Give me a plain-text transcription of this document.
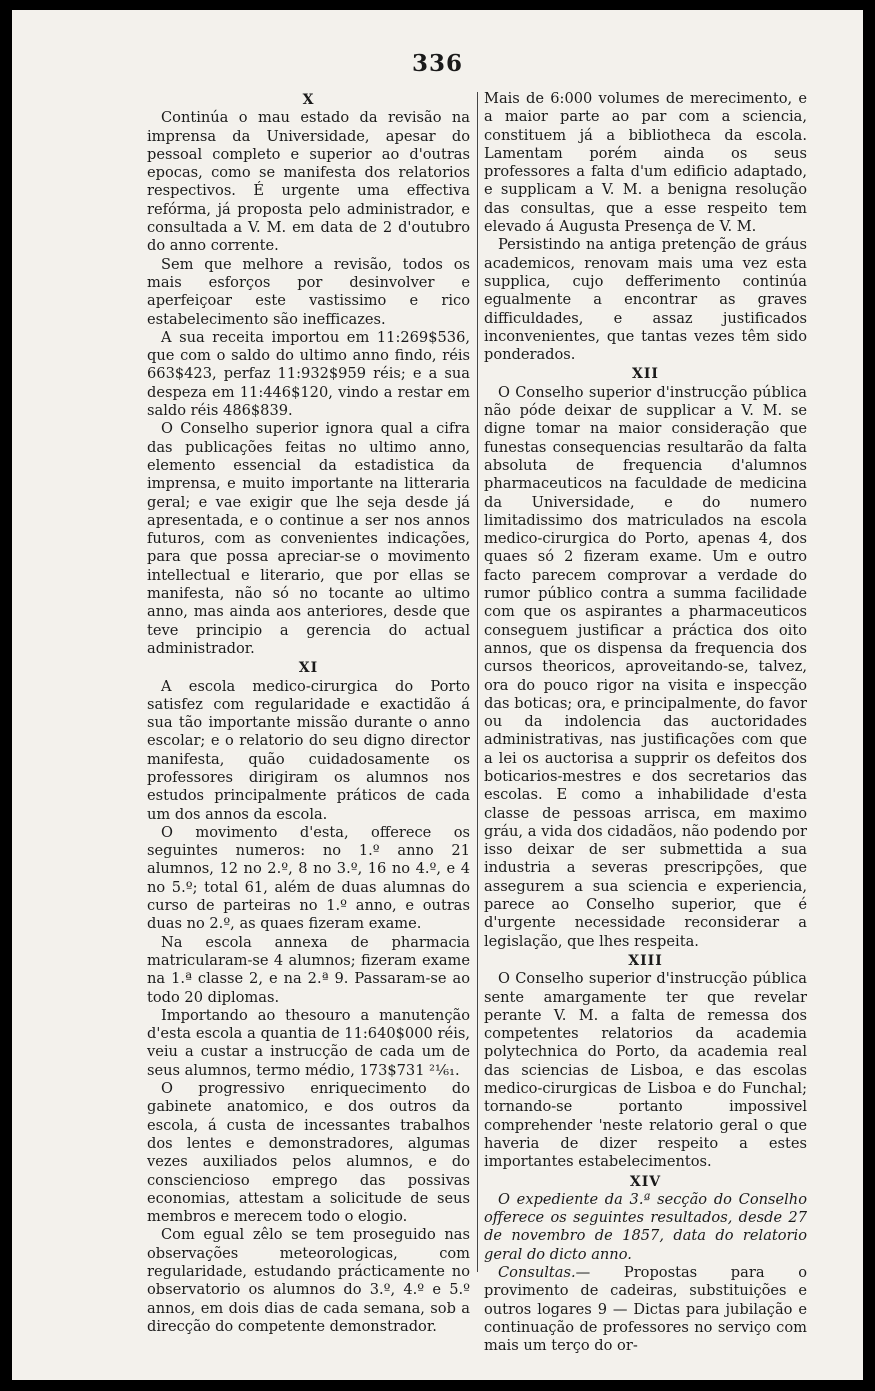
336
X

Continúa o mau estado da revisão na imprensa da Universidade, apesar do pessoal completo e superior ao d'outras epocas, como se manifesta dos relatorios respectivos. É urgente uma effectiva refórma, já proposta pelo administrador, e consultada a V. M. em data de 2 d'outubro do anno corrente.

Sem que melhore a revisão, todos os mais esforços por desinvolver e aperfeiçoar este vastissimo e rico estabelecimento são inefficazes.

A sua receita importou em 11:269$536, que com o saldo do ultimo anno findo, réis 663$423, perfaz 11:932$959 réis; e a sua despeza em 11:446$120, vindo a restar em saldo réis 486$839.

O Conselho superior ignora qual a cifra das publicações feitas no ultimo anno, elemento essencial da estadistica da imprensa, e muito importante na litteraria geral; e vae exigir que lhe seja desde já apresentada, e o continue a ser nos annos futuros, com as convenientes indicações, para que possa apreciar-se o movimento intellectual e literario, que por ellas se manifesta, não só no tocante ao ultimo anno, mas ainda aos anteriores, desde que teve principio a gerencia do actual administrador.

XI

A escola medico-cirurgica do Porto satisfez com regularidade e exactidão á sua tão importante missão durante o anno escolar; e o relatorio do seu digno director manifesta, quão cuidadosamente os professores dirigiram os alumnos nos estudos principalmente práticos de cada um dos annos da escola.

O movimento d'esta, offerece os seguintes numeros: no 1.º anno 21 alumnos, 12 no 2.º, 8 no 3.º, 16 no 4.º, e 4 no 5.º; total 61, além de duas alumnas do curso de parteiras no 1.º anno, e outras duas no 2.º, as quaes fizeram exame.

Na escola annexa de pharmacia matricularam-se 4 alumnos; fizeram exame na 1.ª classe 2, e na 2.ª 9. Passaram-se ao todo 20 diplomas.

Importando ao thesouro a manutenção d'esta escola a quantia de 11:640$000 réis, veiu a custar a instrucção de cada um de seus alumnos, termo médio, 173$731 ²¹⁄₆₁.

O progressivo enriquecimento do gabinete anatomico, e dos outros da escola, á custa de incessantes trabalhos dos lentes e demonstradores, algumas vezes auxiliados pelos alumnos, e do consciencioso emprego das possivas economias, attestam a solicitude de seus membros e merecem todo o elogio.

Com egual zêlo se tem proseguido nas observações meteorologicas, com regularidade, estudando prácticamente no observatorio os alumnos do 3.º, 4.º e 5.º annos, em dois dias de cada semana, sob a direcção do competente demonstrador.

Mais de 6:000 volumes de merecimento, e a maior parte ao par com a sciencia, constituem já a bibliotheca da escola. Lamentam porém ainda os seus professores a falta d'um edificio adaptado, e supplicam a V. M. a benigna resolução das consultas, que a esse respeito tem elevado á Augusta Presença de V. M.

Persistindo na antiga pretenção de gráus academicos, renovam mais uma vez esta supplica, cujo defferimento continúa egualmente a encontrar as graves difficuldades, e assaz justificados inconvenientes, que tantas vezes têm sido ponderados.

XII

O Conselho superior d'instrucção pública não póde deixar de supplicar a V. M. se digne tomar na maior consideração que funestas consequencias resultarão da falta absoluta de frequencia d'alumnos pharmaceuticos na faculdade de medicina da Universidade, e do numero limitadissimo dos matriculados na escola medico-cirurgica do Porto, apenas 4, dos quaes só 2 fizeram exame. Um e outro facto parecem comprovar a verdade do rumor público contra a summa facilidade com que os aspirantes a pharmaceuticos conseguem justificar a práctica dos oito annos, que os dispensa da frequencia dos cursos theoricos, aproveitando-se, talvez, ora do pouco rigor na visita e inspecção das boticas; ora, e principalmente, do favor ou da indolencia das auctoridades administrativas, nas justificações com que a lei os auctorisa a supprir os defeitos dos boticarios-mestres e dos secretarios das escolas. E como a inhabilidade d'esta classe de pessoas arrisca, em maximo gráu, a vida dos cidadãos, não podendo por isso deixar de ser submettida a sua industria a severas prescripções, que assegurem a sua sciencia e experiencia, parece ao Conselho superior, que é d'urgente necessidade reconsiderar a legislação, que lhes respeita.

XIII

O Conselho superior d'instrucção pública sente amargamente ter que revelar perante V. M. a falta de remessa dos competentes relatorios da academia polytechnica do Porto, da academia real das sciencias de Lisboa, e das escolas medico-cirurgicas de Lisboa e do Funchal; tornando-se portanto impossivel comprehender 'neste relatorio geral o que haveria de dizer respeito a estes importantes estabelecimentos.

XIV

O expediente da 3.ª secção do Conselho offerece os seguintes resultados, desde 27 de novembro de 1857, data do relatorio geral do dicto anno.

Consultas.— Propostas para o provimento de cadeiras, substituições e outros logares 9 — Dictas para jubilação e continuação de professores no serviço com mais um terço do or-
